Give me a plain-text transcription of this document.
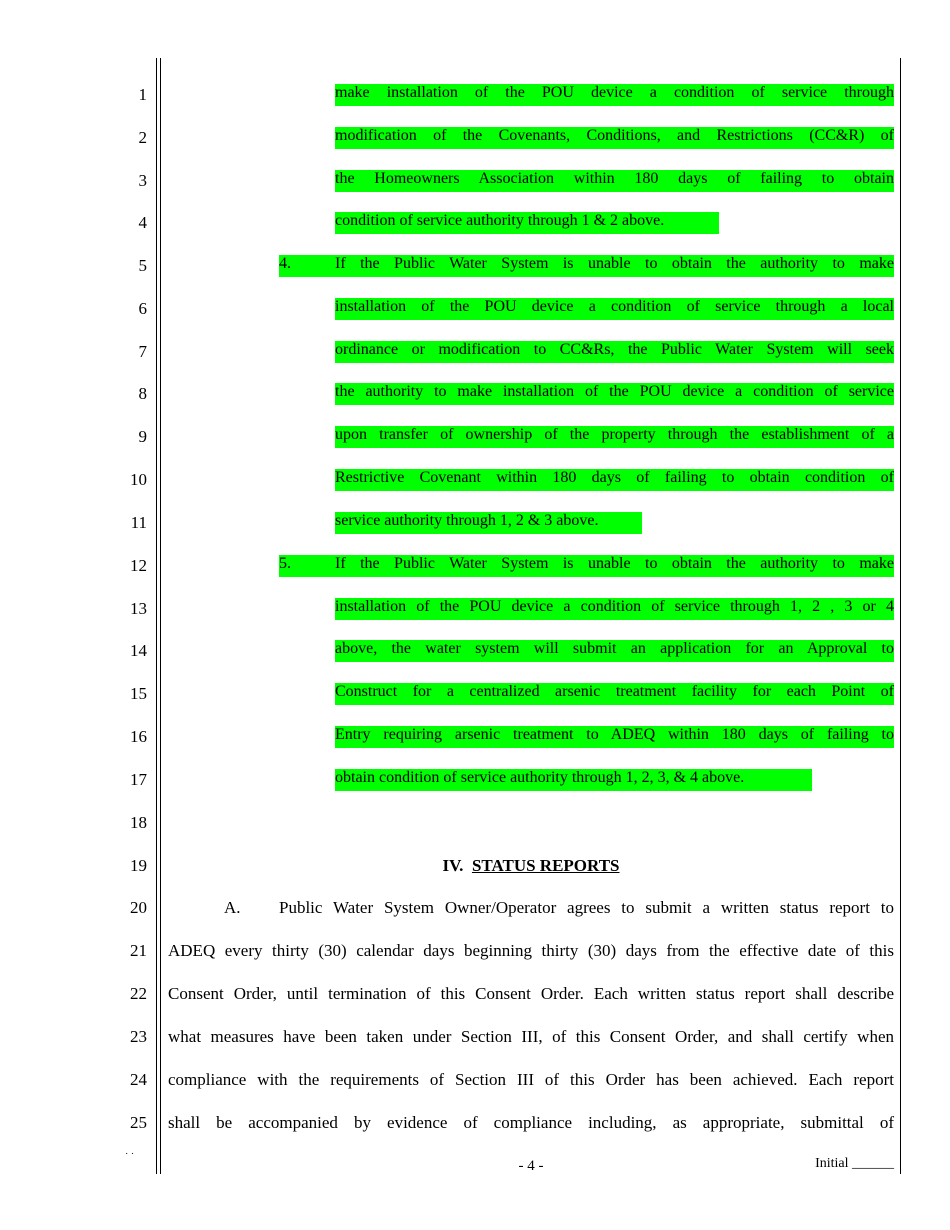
1
2
3
4
5
6
7
8
9
10
11
12
13
14
15
16
17
18
19
20
21
22
23
24
25
˙ ˙
make installation of the POU device a condition of service through
modification of the Covenants, Conditions, and Restrictions (CC&R) of
the Homeowners Association within 180 days of failing to obtain
condition of service authority through 1 & 2 above.
4.	If the Public Water System is unable to obtain the authority to make
installation of the POU device a condition of service through a local
ordinance or modification to CC&Rs, the Public Water System will seek
the authority to make installation of the POU device a condition of service
upon transfer of ownership of the property through the establishment of a
Restrictive Covenant within 180 days of failing to obtain condition of
service authority through 1, 2 & 3 above.
5.	If the Public Water System is unable to obtain the authority to make
installation of the POU device a condition of service through 1, 2 , 3 or 4
above, the water system will submit an application for an Approval to
Construct for a centralized arsenic treatment facility for each Point of
Entry requiring arsenic treatment to ADEQ within 180 days of failing to
obtain condition of service authority through 1, 2, 3, & 4 above.
IV. STATUS REPORTS
A. Public Water System Owner/Operator agrees to submit a written status report to
ADEQ every thirty (30) calendar days beginning thirty (30) days from the effective date of this
Consent Order, until termination of this Consent Order. Each written status report shall describe
what measures have been taken under Section III, of this Consent Order, and shall certify when
compliance with the requirements of Section III of this Order has been achieved. Each report
shall be accompanied by evidence of compliance including, as appropriate, submittal of
- 4 -	Initial ______
